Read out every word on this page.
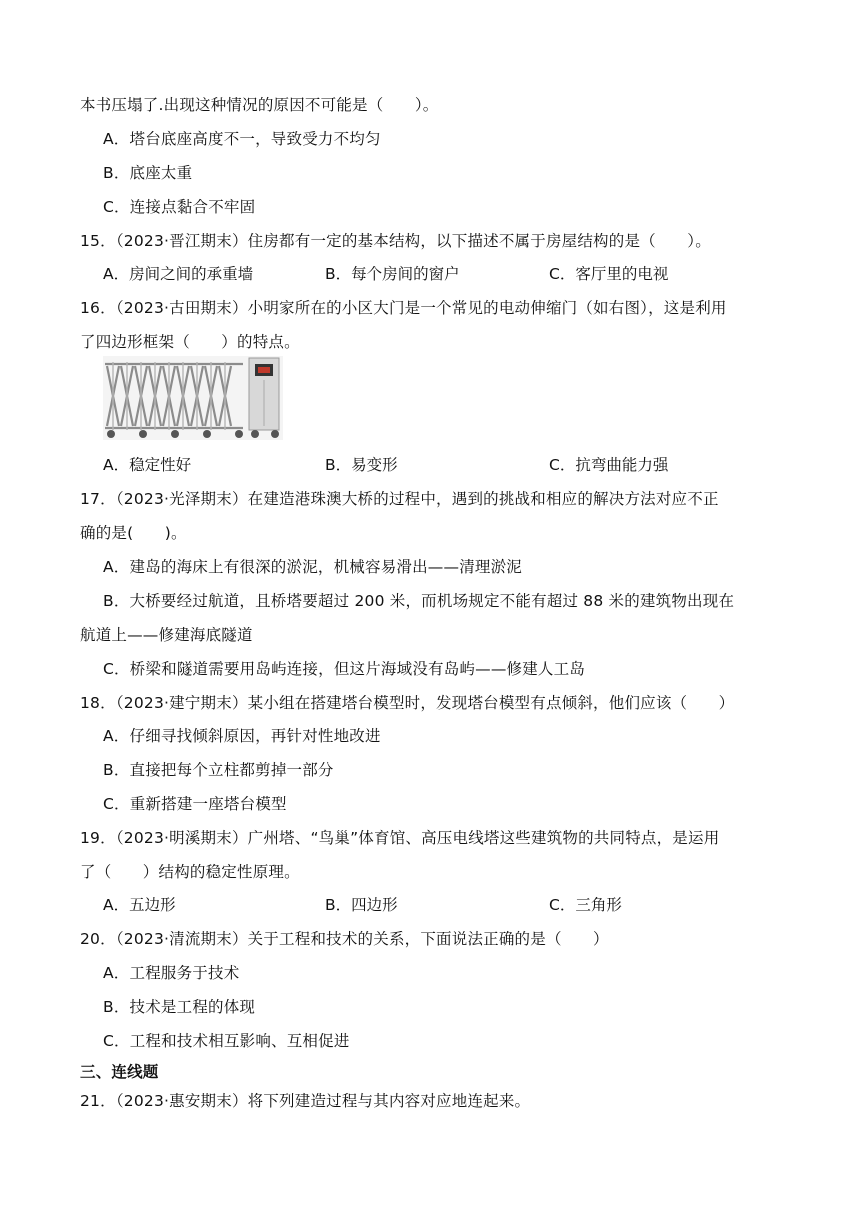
本书压塌了.出现这种情况的原因不可能是（　　）。
A．塔台底座高度不一，导致受力不均匀
B．底座太重
C．连接点黏合不牢固
15．（2023·晋江期末）住房都有一定的基本结构，以下描述不属于房屋结构的是（　　）。
A．房间之间的承重墙	B．每个房间的窗户	C．客厅里的电视
16．（2023·古田期末）小明家所在的小区大门是一个常见的电动伸缩门（如右图），这是利用
了四边形框架（　　）的特点。
A．稳定性好	B．易变形	C．抗弯曲能力强
17．（2023·光泽期末）在建造港珠澳大桥的过程中，遇到的挑战和相应的解决方法对应不正
确的是(　　)。
A．建岛的海床上有很深的淤泥，机械容易滑出——清理淤泥
B．大桥要经过航道，且桥塔要超过 200 米，而机场规定不能有超过 88 米的建筑物出现在
航道上——修建海底隧道
C．桥梁和隧道需要用岛屿连接，但这片海域没有岛屿——修建人工岛
18．（2023·建宁期末）某小组在搭建塔台模型时，发现塔台模型有点倾斜，他们应该（　　）
A．仔细寻找倾斜原因，再针对性地改进
B．直接把每个立柱都剪掉一部分
C．重新搭建一座塔台模型
19．（2023·明溪期末）广州塔、“鸟巢”体育馆、高压电线塔这些建筑物的共同特点，是运用
了（　　）结构的稳定性原理。
A．五边形	B．四边形	C．三角形
20．（2023·清流期末）关于工程和技术的关系，下面说法正确的是（　　）
A．工程服务于技术
B．技术是工程的体现
C．工程和技术相互影响、互相促进
三、连线题
21．（2023·惠安期末）将下列建造过程与其内容对应地连起来。
